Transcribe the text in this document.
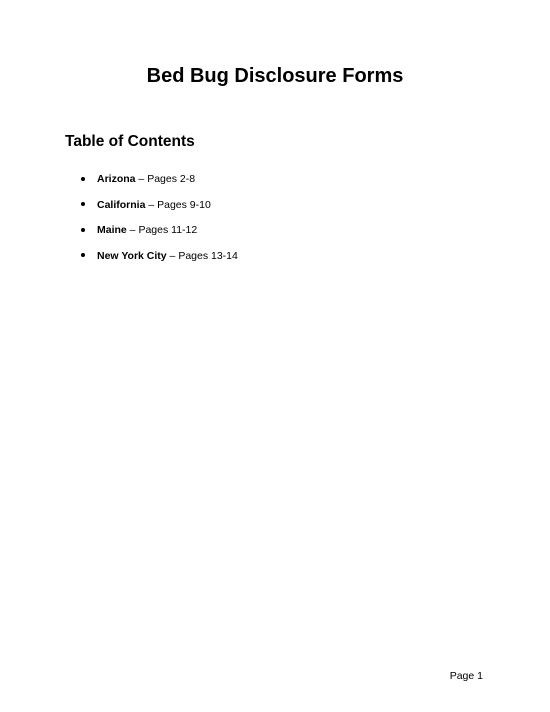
Bed Bug Disclosure Forms
Table of Contents
Arizona – Pages 2-8
California – Pages 9-10
Maine – Pages 11-12
New York City – Pages 13-14
Page 1
